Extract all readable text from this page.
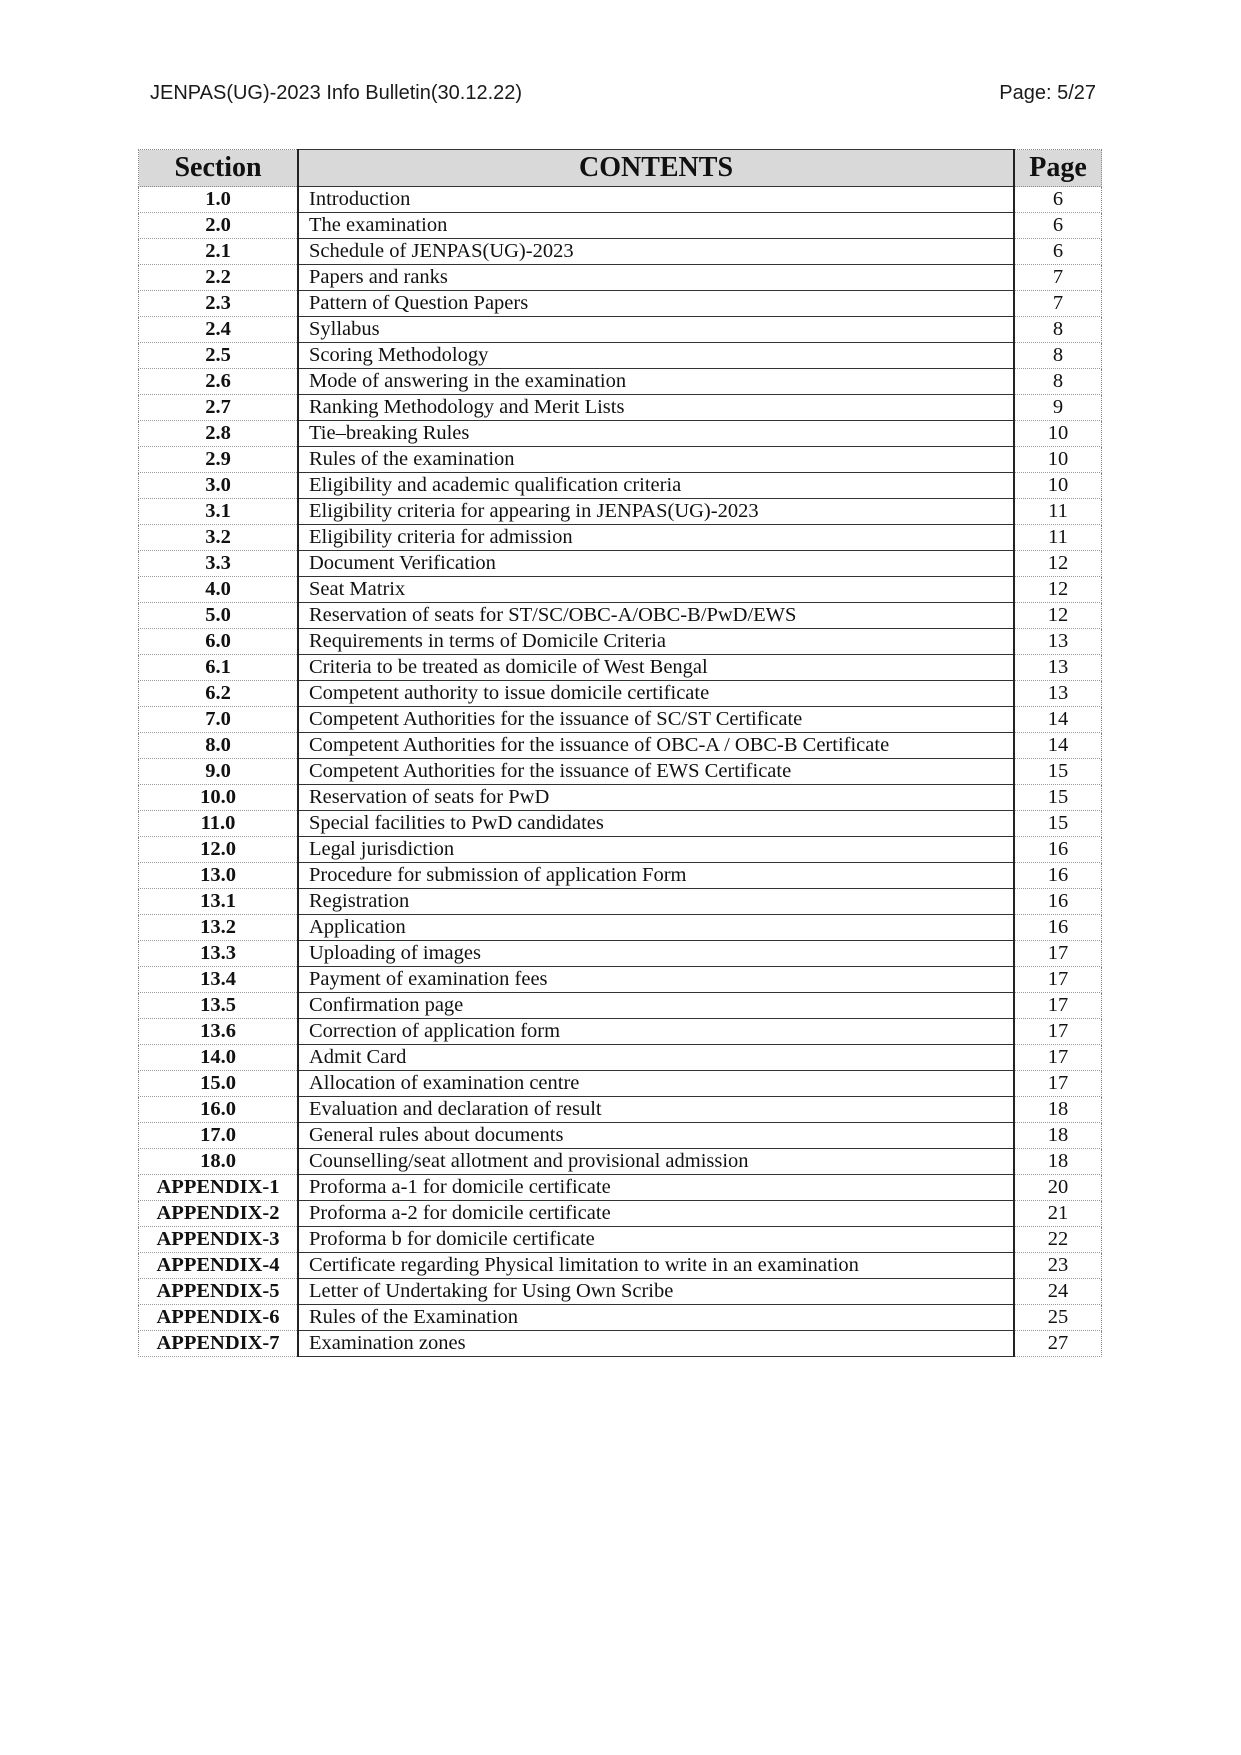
JENPAS(UG)-2023 Info Bulletin(30.12.22)	Page: 5/27
Section	CONTENTS	Page
1.0	Introduction	6
2.0	The examination	6
2.1	Schedule of JENPAS(UG)-2023	6
2.2	Papers and ranks	7
2.3	Pattern of Question Papers	7
2.4	Syllabus	8
2.5	Scoring Methodology	8
2.6	Mode of answering in the examination	8
2.7	Ranking Methodology and Merit Lists	9
2.8	Tie–breaking Rules	10
2.9	Rules of the examination	10
3.0	Eligibility and academic qualification criteria	10
3.1	Eligibility criteria for appearing in JENPAS(UG)-2023	11
3.2	Eligibility criteria for admission	11
3.3	Document Verification	12
4.0	Seat Matrix	12
5.0	Reservation of seats for ST/SC/OBC-A/OBC-B/PwD/EWS	12
6.0	Requirements in terms of Domicile Criteria	13
6.1	Criteria to be treated as domicile of West Bengal	13
6.2	Competent authority to issue domicile certificate	13
7.0	Competent Authorities for the issuance of SC/ST Certificate	14
8.0	Competent Authorities for the issuance of OBC-A / OBC-B Certificate	14
9.0	Competent Authorities for the issuance of EWS Certificate	15
10.0	Reservation of seats for PwD	15
11.0	Special facilities to PwD candidates	15
12.0	Legal jurisdiction	16
13.0	Procedure for submission of application Form	16
13.1	Registration	16
13.2	Application	16
13.3	Uploading of images	17
13.4	Payment of examination fees	17
13.5	Confirmation page	17
13.6	Correction of application form	17
14.0	Admit Card	17
15.0	Allocation of examination centre	17
16.0	Evaluation and declaration of result	18
17.0	General rules about documents	18
18.0	Counselling/seat allotment and provisional admission	18
APPENDIX-1	Proforma a-1 for domicile certificate	20
APPENDIX-2	Proforma a-2 for domicile certificate	21
APPENDIX-3	Proforma b for domicile certificate	22
APPENDIX-4	Certificate regarding Physical limitation to write in an examination	23
APPENDIX-5	Letter of Undertaking for Using Own Scribe	24
APPENDIX-6	Rules of the Examination	25
APPENDIX-7	Examination zones	27
